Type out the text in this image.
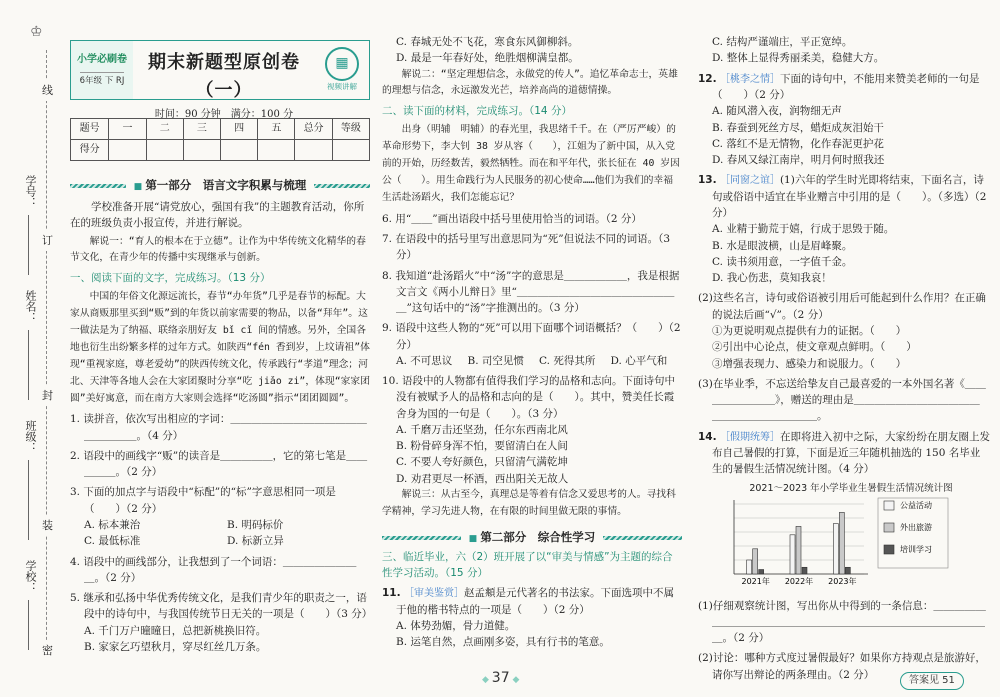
♔
学号：
姓名：
班级：
学校：
线
订
封
装
密
小学必刷卷
6年级 下 RJ
期末新题型原创卷（一）
时间：90 分钟　满分：100 分
▦
视频讲解
题号	一	二	三	四	五	总分	等级
得分							
■ 第一部分　语言文字积累与梳理

学校准备开展“请党放心，强国有我”的主题教育活动，你所在的班级负责小报宣传，并进行解说。

解说一：“育人的根本在于立德”。让作为中华传统文化精华的春节文化，在青少年的传播中实现继承与创新。

一、阅读下面的文字，完成练习。（13 分）

中国的年俗文化源远流长，春节“办年货”几乎是春节的标配。大家从商贩那里买到“贩”到的年货以前家需要的物品，以备“拜年”。这一做法是为了纳福、联络亲朋好友 bǐ cǐ 间的情感。另外，全国各地也衍生出纷繁多样的过年方式。如陕西“fén 香到岁，上坟请祖”体现“重视家庭，尊老爱幼”的陕西传统文化，传承践行“孝道”理念；河北、天津等各地人会在大家团聚时分享“吃 jiǎo zi”，体现“家家团圆”美好寓意，而在南方大家则会选择“吃汤圆”指示“团团圆圆”。

1. 读拼音，依次写出相应的字词：＿＿＿＿＿＿＿＿＿＿＿＿＿＿＿＿＿＿。（4 分）

2. 语段中的画线字“贩”的读音是＿＿＿＿＿，它的第七笔是＿＿＿＿＿。（2 分）

3. 下面的加点字与语段中“标配”的“标”字意思相同一项是（　　）（2 分）

A. 标本兼治	B. 明码标价
C. 最低标准	D. 标新立异

4. 语段中的画线部分，让我想到了一个词语：＿＿＿＿＿＿＿＿。（2 分）

5. 继承和弘扬中华优秀传统文化，是我们青少年的职责之一，语段中的诗句中，与我国传统节日无关的一项是（　　）（3 分）

A. 千门万户曈曈日，总把新桃换旧符。
B. 家家乞巧望秋月，穿尽红丝几万条。
C. 春城无处不飞花，寒食东风御柳斜。
D. 最是一年春好处，绝胜烟柳满皇都。

解说二：“坚定理想信念，永做党的传人”。追忆革命志士，英雄的理想与信念，永远激发光芒，培养高尚的道德情操。

二、读下面的材料，完成练习。（14 分）

出身（明辅　明辅）的春光里，我思绪千千。在（严厉严峻）的革命形势下，李大钊 38 岁从容（　　），江姐为了新中国，从入党前的开始，历经数苦，毅然牺牲。而在和平年代，张长征在 40 岁因公（　　）。用生命践行为人民服务的初心使命……他们为我们的幸福生活赴汤蹈火，我们怎能忘记？

6. 用“＿＿”画出语段中括号里使用恰当的词语。（2 分）

7. 在语段中的括号里写出意思同为“死”但说法不同的词语。（3 分）

8. 我知道“赴汤蹈火”中“汤”字的意思是＿＿＿＿＿＿，我是根据文言文《两小儿辩日》里“＿＿＿＿＿＿＿＿＿＿＿＿＿＿＿＿”这句话中的“汤”字推测出的。（3 分）

9. 语段中这些人物的“死”可以用下面哪个词语概括？（　　）（2 分）

A. 不可思议	B. 司空见惯	C. 死得其所	D. 心平气和

10. 语段中的人物都有值得我们学习的品格和志向。下面诗句中没有被赋予人的品格和志向的是（　　）。其中，赞美任长霞舍身为国的一句是（　　）。（3 分）

A. 千磨万击还坚劲，任尔东西南北风
B. 粉骨碎身浑不怕，要留清白在人间
C. 不要人夸好颜色，只留清气满乾坤
D. 劝君更尽一杯酒，西出阳关无故人

解说三：从古至今，真理总是等着有信念又爱思考的人。寻找科学精神，学习先进人物，在有限的时间里做无限的事情。

■ 第二部分　综合性学习
三、临近毕业，六（2）班开展了以“审美与情感”为主题的综合性学习活动。（15 分）

11. ［审美鉴赏］赵孟頫是元代著名的书法家。下面选项中不属于他的楷书特点的一项是（　　）（2 分）

A. 体势劲媚，骨力道健。
B. 运笔自然，点画刚多姿，具有行书的笔意。
C. 结构严谨端庄，平正宽绰。
D. 整体上显得秀丽柔美，稳健大方。

12. ［桃李之情］下面的诗句中，不能用来赞美老师的一句是（　　）（2 分）

A. 随风潜入夜，润物细无声
B. 春蚕到死丝方尽，蜡炬成灰泪始干
C. 落红不是无情物，化作春泥更护花
D. 春风又绿江南岸，明月何时照我还

13. ［同窗之谊］(1)六年的学生时光即将结束，下面名言，诗句或俗语中适宜在毕业赠言中引用的是（　　）。（多选）（2 分）

A. 业精于勤荒于嬉，行成于思毁于随。
B. 水是眼波横，山是眉峰聚。
C. 读书须用意，一字值千金。
D. 我心伤悲，莫知我哀！

(2)这些名言，诗句或俗语被引用后可能起到什么作用？在正确的说法后画“√”。（2 分）

①为更说明观点提供有力的证据。（　　）
②引出中心论点，使文章观点鲜明。（　　）
③增强表现力、感染力和说服力。（　　）

(3)在毕业季，不忘送给挚友自己最喜爱的一本外国名著《＿＿＿＿＿＿＿＿》，赠送的理由是＿＿＿＿＿＿＿＿＿＿＿＿＿＿＿＿＿＿＿＿＿＿。

14. ［假期统筹］在即将进入初中之际，大家纷纷在朋友圈上发布自己暑假的打算，下面是近三年随机抽选的 150 名毕业生的暑假生活情况统计图。（4 分）

2021～2023 年小学毕业生暑假生活情况统计图
2021年 2022年 2023年
公益活动
外出旅游
培训学习

(1)仔细观察统计图，写出你从中得到的一条信息：＿＿＿＿＿＿＿＿＿＿＿＿＿＿＿＿＿＿＿＿＿＿＿＿＿＿＿＿＿＿＿＿。（2 分）

(2)讨论：哪种方式度过暑假最好？如果你方持观点是旅游好，请你写出辩论的两条理由。（2 分）

◆ 37 ◆	答案见 51
